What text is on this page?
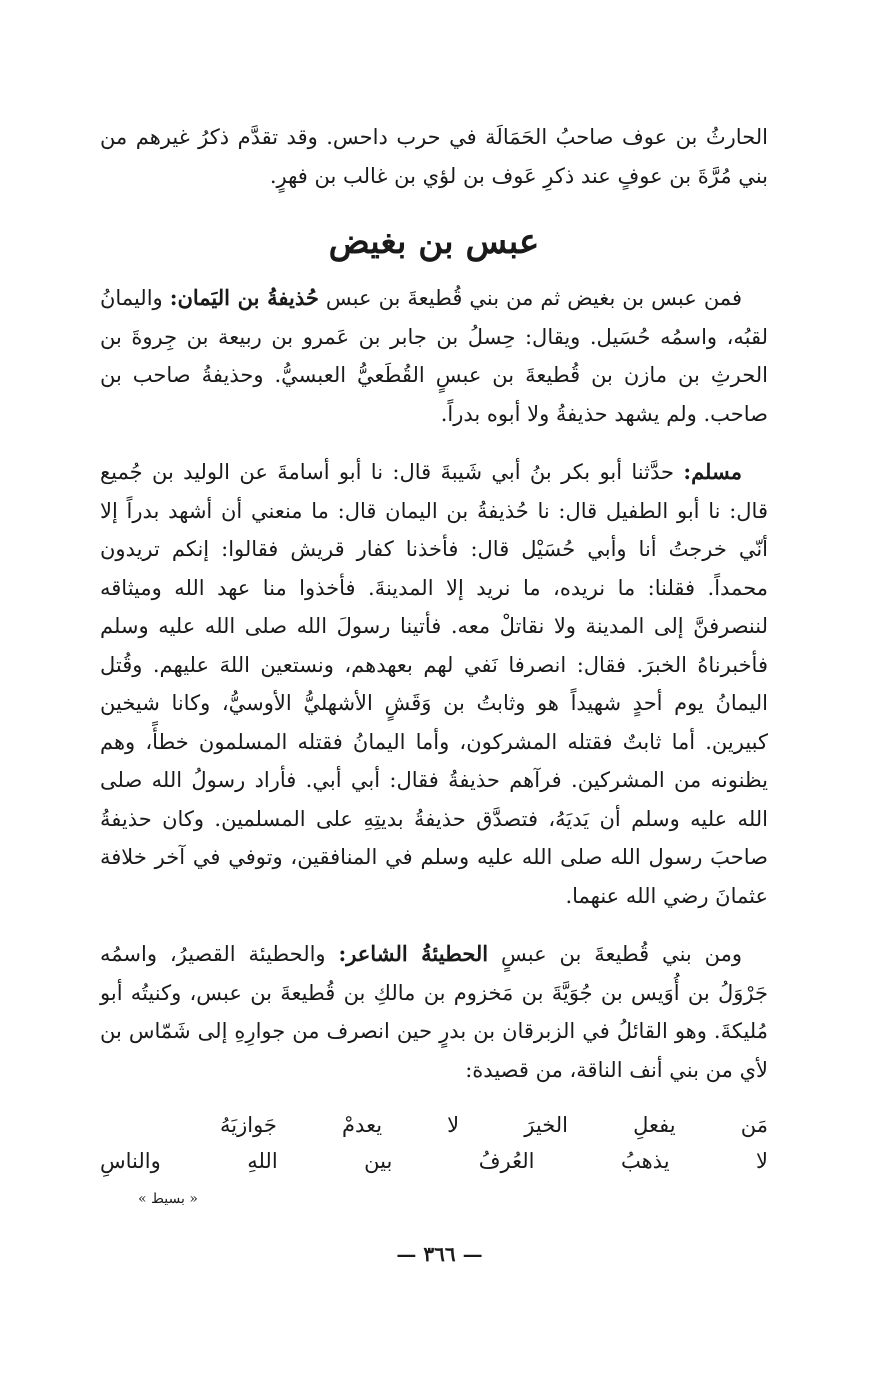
الحارثُ بن عوف صاحبُ الحَمَالَة في حرب داحس. وقد تقدَّم ذكرُ غيرهم من بني مُرَّةَ بن عوفٍ عند ذكرِ عَوف بن لؤي بن غالب بن فهرٍ.

عبس بن بغيض

فمن عبس بن بغيض ثم من بني قُطيعةَ بن عبس حُذيفةُ بن اليَمان: واليمانُ لقبُه، واسمُه حُسَيل. ويقال: حِسلُ بن جابر بن عَمرو بن ربيعة بن جِروةَ بن الحرثِ بن مازن بن قُطيعةَ بن عبسٍ القُطَعيُّ العبسيُّ. وحذيفةُ صاحب بن صاحب. ولم يشهد حذيفةُ ولا أبوه بدراً.

مسلم: حدَّثنا أبو بكر بنُ أبي شَيبةَ قال: نا أبو أسامةَ عن الوليد بن جُميع قال: نا أبو الطفيل قال: نا حُذيفةُ بن اليمان قال: ما منعني أن أشهد بدراً إلا أنّي خرجتُ أنا وأبي حُسَيْل قال: فأخذنا كفار قريش فقالوا: إنكم تريدون محمداً. فقلنا: ما نريده، ما نريد إلا المدينةَ. فأخذوا منا عهد الله وميثاقه لننصرفنَّ إلى المدينة ولا نقاتلْ معه. فأتينا رسولَ الله صلى الله عليه وسلم فأخبرناهُ الخبرَ. فقال: انصرفا نَفي لهم بعهدهم، ونستعين اللهَ عليهم. وقُتل اليمانُ يوم أحدٍ شهيداً هو وثابتُ بن وَقَشٍ الأشهليُّ الأوسيُّ، وكانا شيخين كبيرين. أما ثابتٌ فقتله المشركون، وأما اليمانُ فقتله المسلمون خطأً، وهم يظنونه من المشركين. فرآهم حذيفةُ فقال: أبي أبي. فأراد رسولُ الله صلى الله عليه وسلم أن يَديَهُ، فتصدَّق حذيفةُ بديتِهِ على المسلمين. وكان حذيفةُ صاحبَ رسول الله صلى الله عليه وسلم في المنافقين، وتوفي في آخر خلافة عثمانَ رضي الله عنهما.

ومن بني قُطيعةَ بن عبسٍ الحطيئةُ الشاعر: والحطيئة القصيرُ، واسمُه جَرْوَلُ بن أُوَيس بن جُوَيَّةَ بن مَخزوم بن مالكِ بن قُطيعةَ بن عبس، وكنيتُه أبو مُليكةَ. وهو القائلُ في الزبرقان بن بدرٍ حين انصرف من جوارِهِ إلى شَمّاس بن لأي من بني أنف الناقة، من قصيدة:

مَن يفعلِ الخيرَ لا يعدمْ جَوازيَهُ
لا يذهبُ العُرفُ بين اللهِ والناسِ
« بسيط »
— ٣٦٦ —
